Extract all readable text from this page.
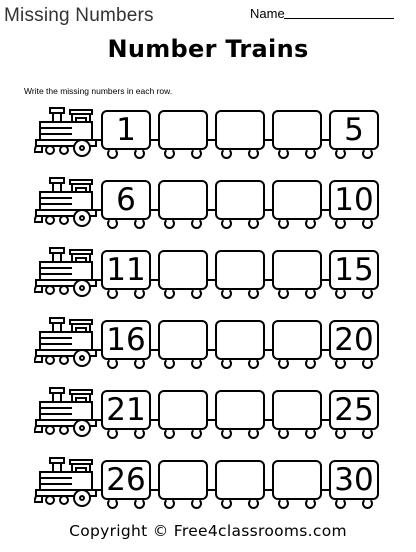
Missing Numbers	Name
Number Trains
Write the missing numbers in each row.
1	5
6	10
11	15
16	20
21	25
26	30
Copyright © Free4classrooms.com
